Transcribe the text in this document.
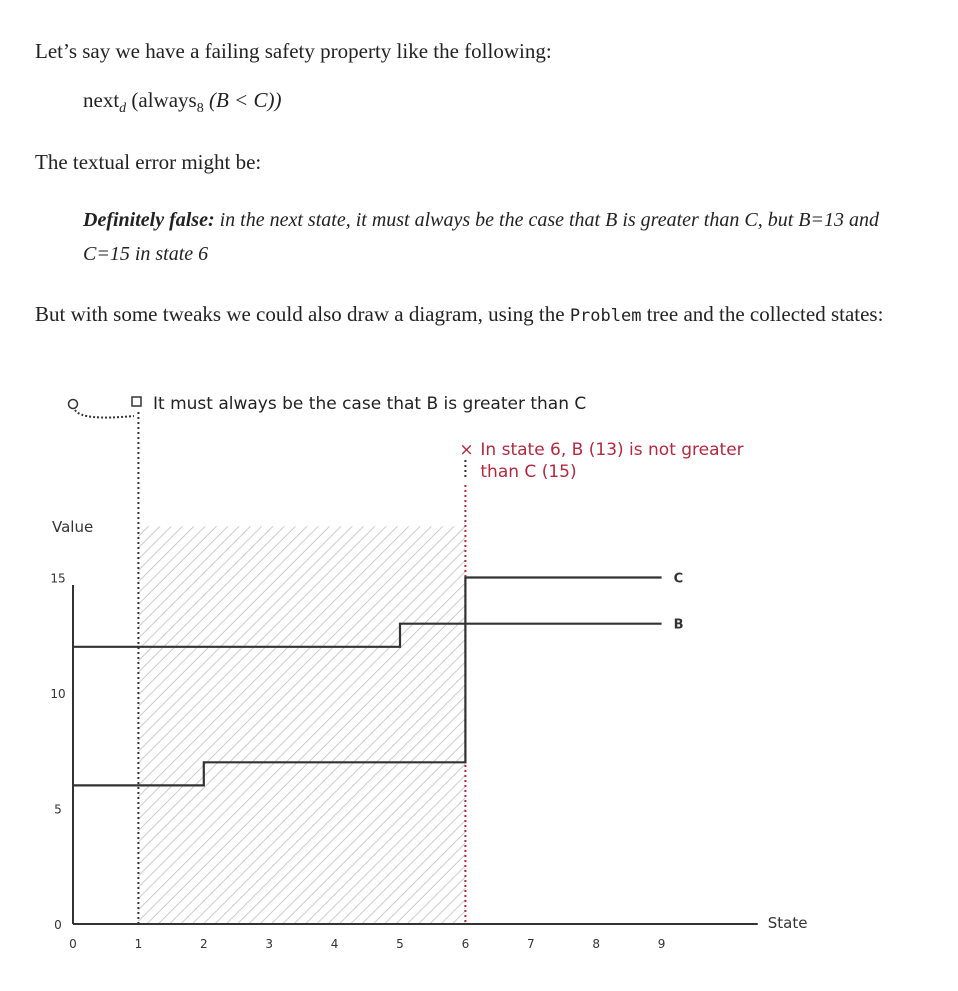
Let’s say we have a failing safety property like the following:

next$_d$ (always$_8$ (B < C))

The textual error might be:

Definitely false: in the next state, it must always be the case that B is greater than C, but B=13 and C=15 in state 6

But with some tweaks we could also draw a diagram, using the Problem tree and the collected states:

It must always be the case that B is greater than C
× In state 6, B (13) is not greater
than C (15)
Value
State
0	1	2	3	4	5	6	7	8	9
0
5
10
15	C
B
